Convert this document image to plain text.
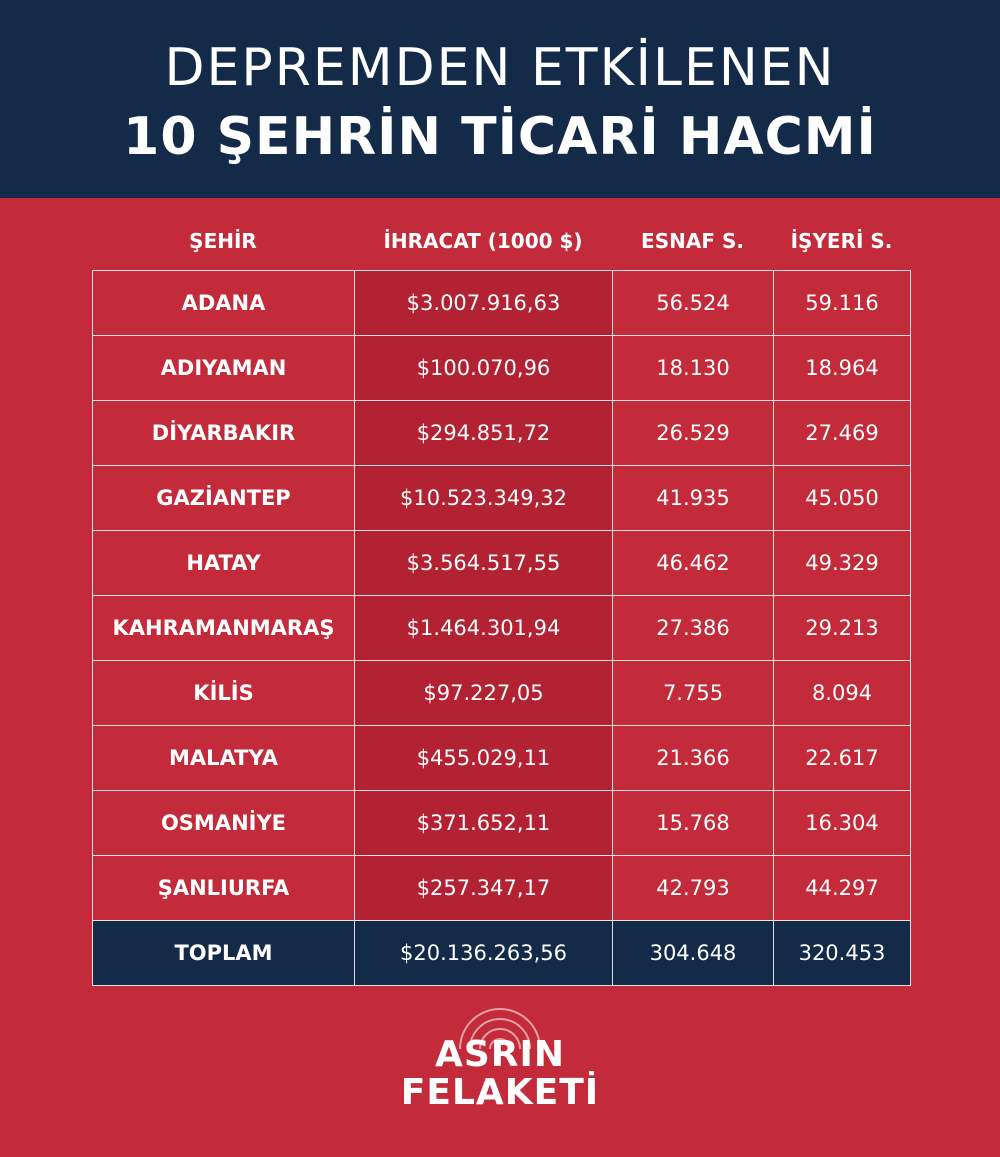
DEPREMDEN ETKİLENEN
10 ŞEHRİN TİCARİ HACMİ
ŞEHİR	İHRACAT (1000 $)	ESNAF S.	İŞYERİ S.
ADANA	$3.007.916,63	56.524	59.116
ADIYAMAN	$100.070,96	18.130	18.964
DİYARBAKIR	$294.851,72	26.529	27.469
GAZİANTEP	$10.523.349,32	41.935	45.050
HATAY	$3.564.517,55	46.462	49.329
KAHRAMANMARAŞ	$1.464.301,94	27.386	29.213
KİLİS	$97.227,05	7.755	8.094
MALATYA	$455.029,11	21.366	22.617
OSMANİYE	$371.652,11	15.768	16.304
ŞANLIURFA	$257.347,17	42.793	44.297
TOPLAM	$20.136.263,56	304.648	320.453
ASRIN
FELAKETİ
